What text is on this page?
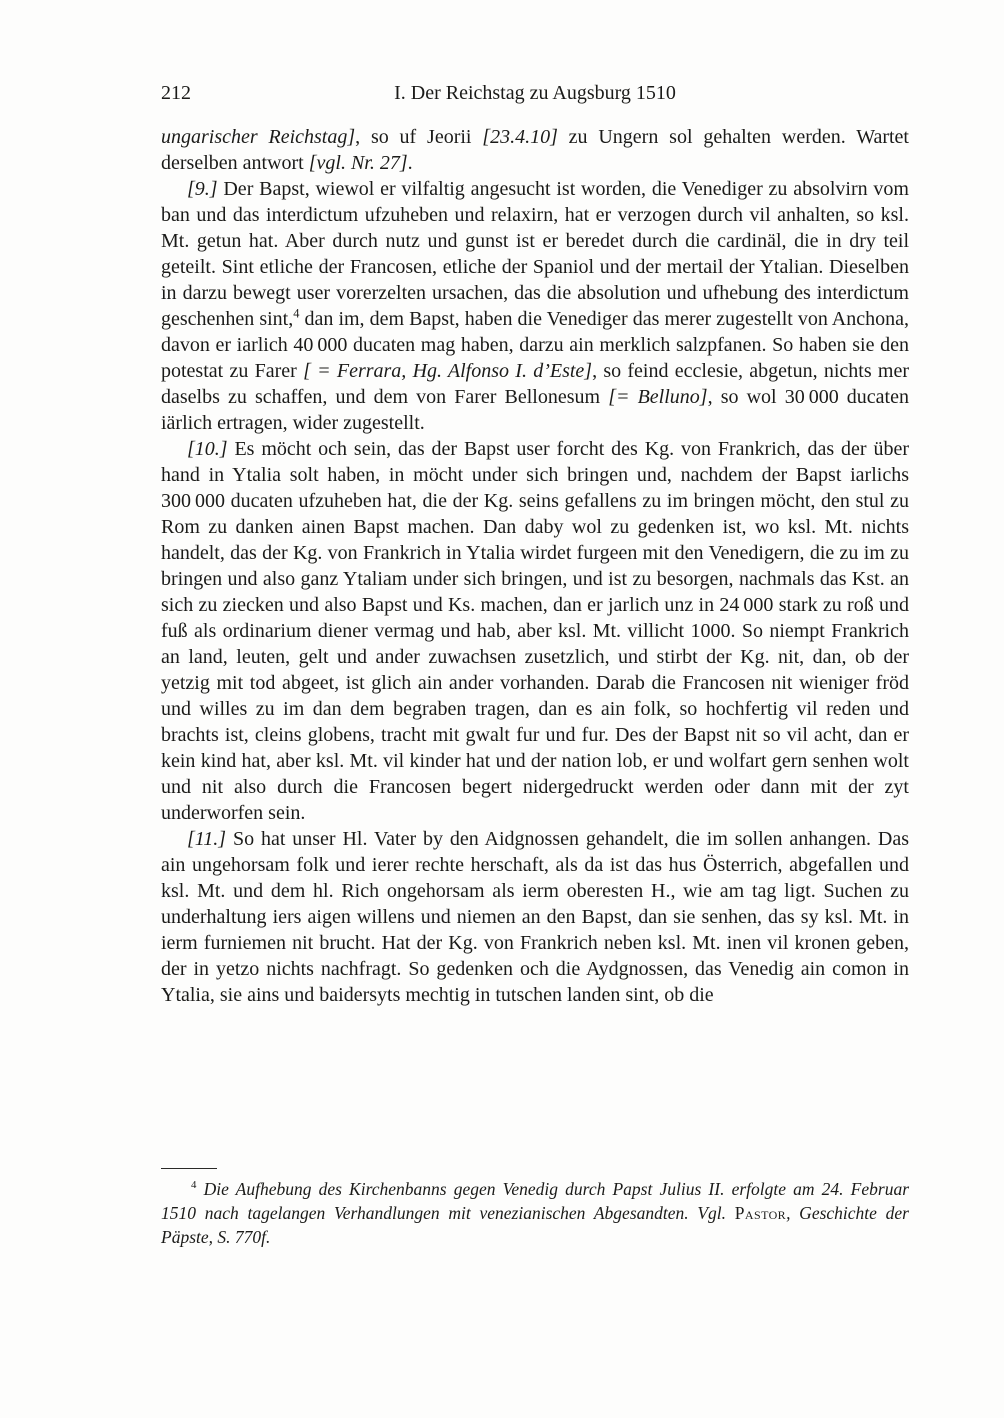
212	I. Der Reichstag zu Augsburg 1510

ungarischer Reichstag], so uf Jeorii [23.4.10] zu Ungern sol gehalten werden. Wartet derselben antwort [vgl. Nr. 27].

[9.] Der Bapst, wiewol er vilfaltig angesucht ist worden, die Venediger zu absolvirn vom ban und das interdictum ufzuheben und relaxirn, hat er verzogen durch vil anhalten, so ksl. Mt. getun hat. Aber durch nutz und gunst ist er beredet durch die cardinäl, die in dry teil geteilt. Sint etliche der Francosen, etliche der Spaniol und der mertail der Ytalian. Dieselben in darzu bewegt user vorerzelten ursachen, das die absolution und ufhebung des interdictum geschenhen sint,$^4$ dan im, dem Bapst, haben die Venediger das merer zugestellt von Anchona, davon er iarlich 40 000 ducaten mag haben, darzu ain merklich salzpfanen. So haben sie den potestat zu Farer [ = Ferrara, Hg. Alfonso I. d’Este], so feind ecclesie, abgetun, nichts mer daselbs zu schaffen, und dem von Farer Bellonesum [= Belluno], so wol 30 000 ducaten iärlich ertragen, wider zugestellt.

[10.] Es möcht och sein, das der Bapst user forcht des Kg. von Frankrich, das der über hand in Ytalia solt haben, in möcht under sich bringen und, nachdem der Bapst iarlichs 300 000 ducaten ufzuheben hat, die der Kg. seins gefallens zu im bringen möcht, den stul zu Rom zu danken ainen Bapst machen. Dan daby wol zu gedenken ist, wo ksl. Mt. nichts handelt, das der Kg. von Frankrich in Ytalia wirdet furgeen mit den Venedigern, die zu im zu bringen und also ganz Ytaliam under sich bringen, und ist zu besorgen, nachmals das Kst. an sich zu ziecken und also Bapst und Ks. machen, dan er jarlich unz in 24 000 stark zu roß und fuß als ordinarium diener vermag und hab, aber ksl. Mt. villicht 1000. So niempt Frankrich an land, leuten, gelt und ander zuwachsen zusetzlich, und stirbt der Kg. nit, dan, ob der yetzig mit tod abgeet, ist glich ain ander vorhanden. Darab die Francosen nit wieniger fröd und willes zu im dan dem begraben tragen, dan es ain folk, so hochfertig vil reden und brachts ist, cleins globens, tracht mit gwalt fur und fur. Des der Bapst nit so vil acht, dan er kein kind hat, aber ksl. Mt. vil kinder hat und der nation lob, er und wolfart gern senhen wolt und nit also durch die Francosen begert nidergedruckt werden oder dann mit der zyt underworfen sein.

[11.] So hat unser Hl. Vater by den Aidgnossen gehandelt, die im sollen anhangen. Das ain ungehorsam folk und ierer rechte herschaft, als da ist das hus Österrich, abgefallen und ksl. Mt. und dem hl. Rich ongehorsam als ierm oberesten H., wie am tag ligt. Suchen zu underhaltung iers aigen willens und niemen an den Bapst, dan sie senhen, das sy ksl. Mt. in ierm furniemen nit brucht. Hat der Kg. von Frankrich neben ksl. Mt. inen vil kronen geben, der in yetzo nichts nachfragt. So gedenken och die Aydgnossen, das Venedig ain comon in Ytalia, sie ains und baidersyts mechtig in tutschen landen sint, ob die

$^4$ Die Aufhebung des Kirchenbanns gegen Venedig durch Papst Julius II. erfolgte am 24. Februar 1510 nach tagelangen Verhandlungen mit venezianischen Abgesandten. Vgl. Pastor, Geschichte der Päpste, S. 770f.
